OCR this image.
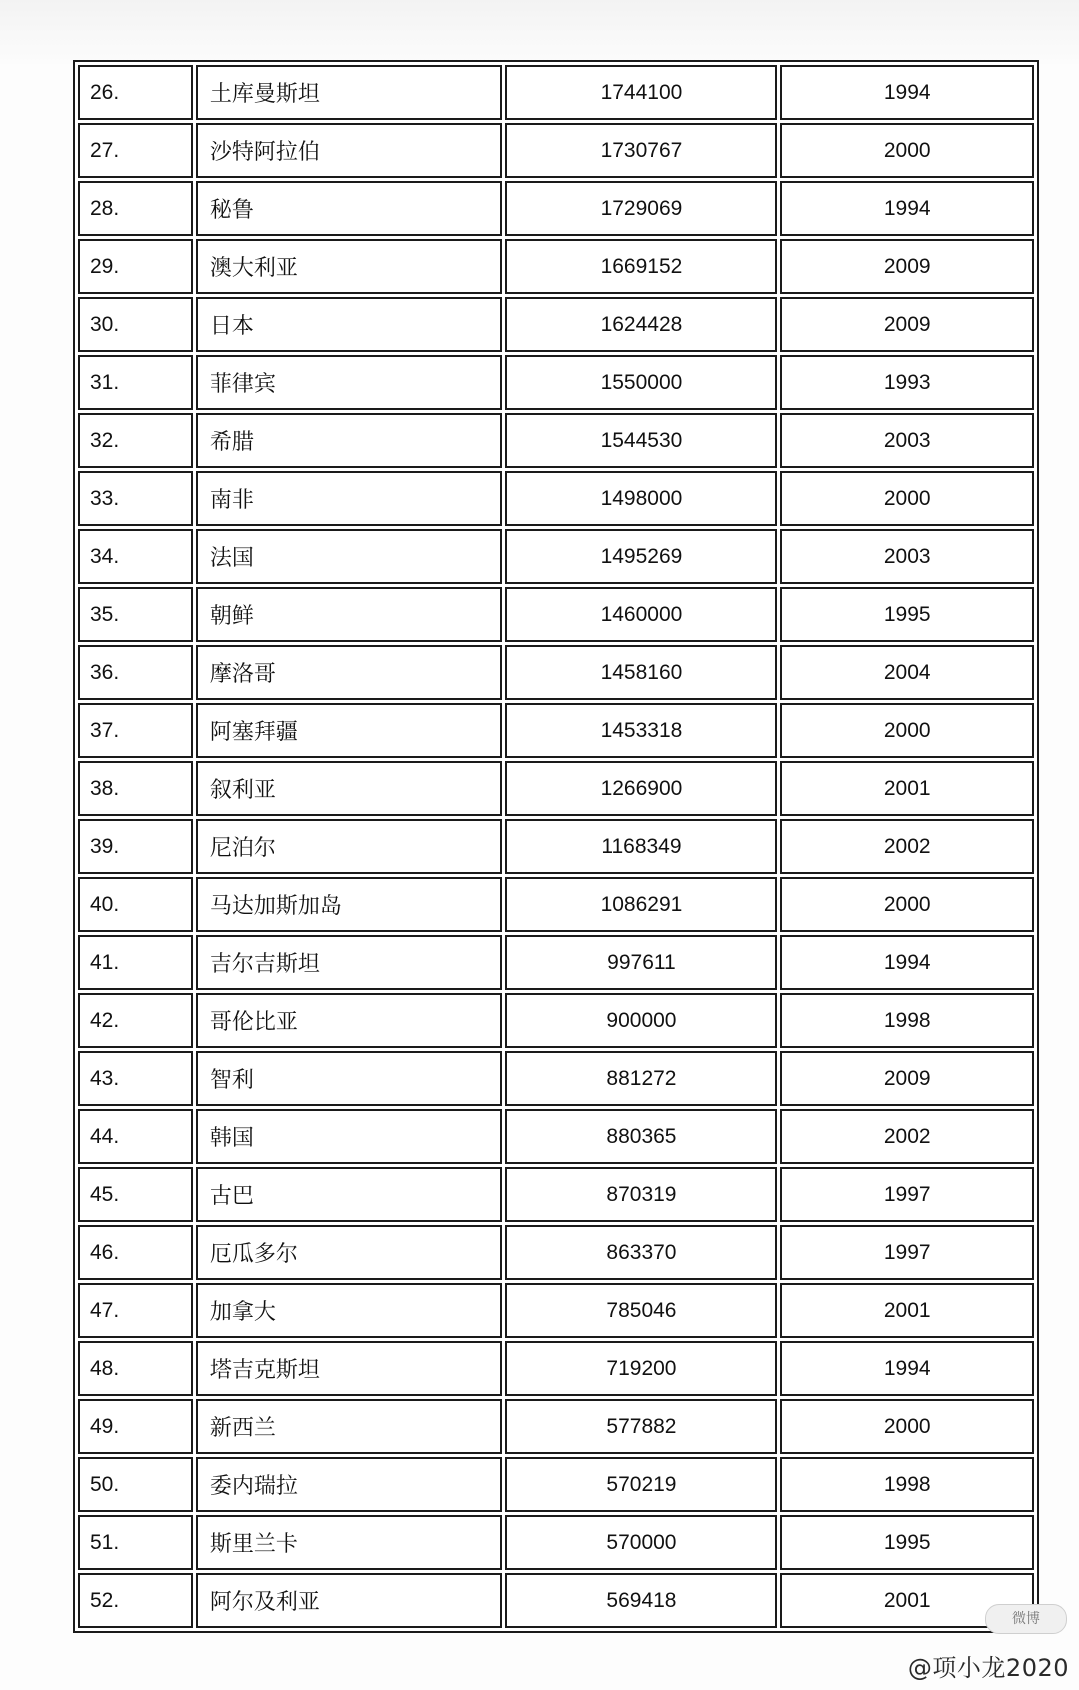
26.	土库曼斯坦	1744100	1994
27.	沙特阿拉伯	1730767	2000
28.	秘鲁	1729069	1994
29.	澳大利亚	1669152	2009
30.	日本	1624428	2009
31.	菲律宾	1550000	1993
32.	希腊	1544530	2003
33.	南非	1498000	2000
34.	法国	1495269	2003
35.	朝鲜	1460000	1995
36.	摩洛哥	1458160	2004
37.	阿塞拜疆	1453318	2000
38.	叙利亚	1266900	2001
39.	尼泊尔	1168349	2002
40.	马达加斯加岛	1086291	2000
41.	吉尔吉斯坦	997611	1994
42.	哥伦比亚	900000	1998
43.	智利	881272	2009
44.	韩国	880365	2002
45.	古巴	870319	1997
46.	厄瓜多尔	863370	1997
47.	加拿大	785046	2001
48.	塔吉克斯坦	719200	1994
49.	新西兰	577882	2000
50.	委内瑞拉	570219	1998
51.	斯里兰卡	570000	1995
52.	阿尔及利亚	569418	2001
微博
@项小龙2020
